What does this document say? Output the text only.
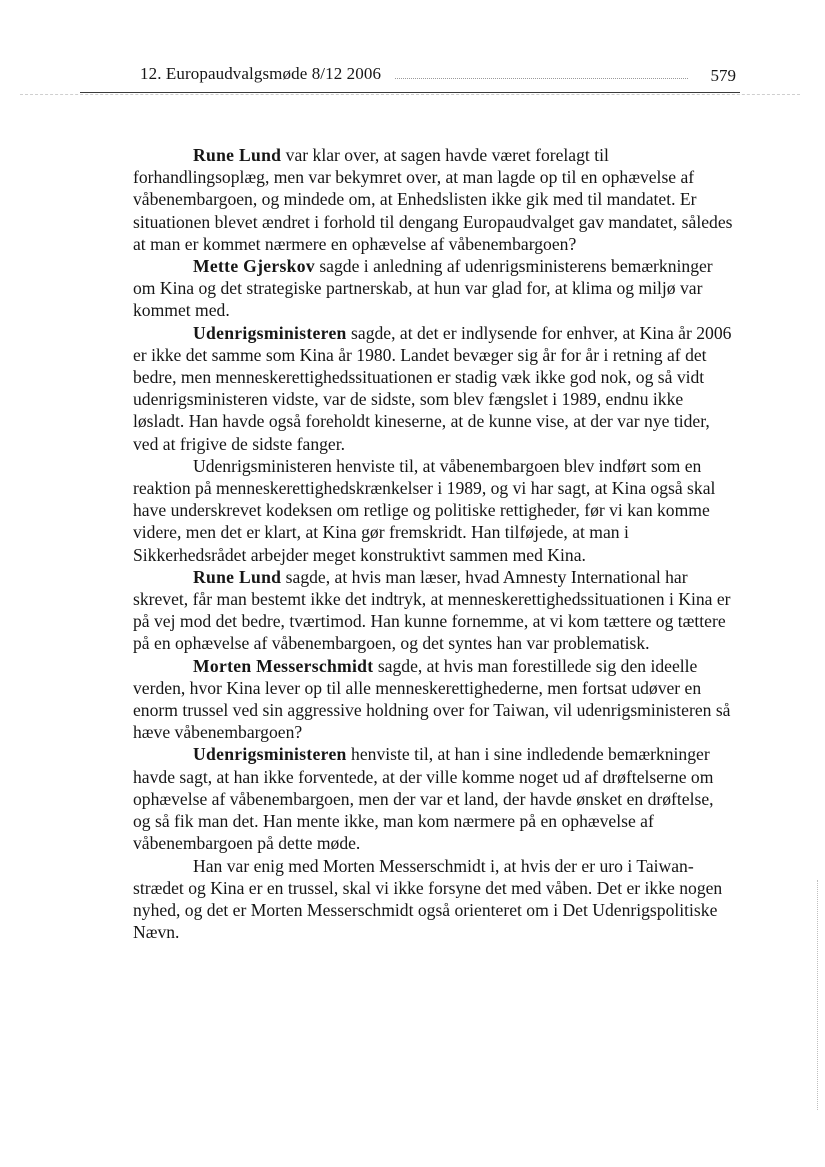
12. Europaudvalgsmøde 8/12 2006	579

Rune Lund var klar over, at sagen havde været forelagt til forhandlingsoplæg, men var bekymret over, at man lagde op til en ophævelse af våbenembargoen, og mindede om, at Enhedslisten ikke gik med til mandatet. Er situationen blevet ændret i forhold til dengang Europaudvalget gav mandatet, således at man er kommet nærmere en ophævelse af våbenembargoen?

Mette Gjerskov sagde i anledning af udenrigsministerens bemærkninger om Kina og det strategiske partnerskab, at hun var glad for, at klima og miljø var kommet med.

Udenrigsministeren sagde, at det er indlysende for enhver, at Kina år 2006 er ikke det samme som Kina år 1980. Landet bevæger sig år for år i retning af det bedre, men menneskerettighedssituationen er stadig væk ikke god nok, og så vidt udenrigsministeren vidste, var de sidste, som blev fængslet i 1989, endnu ikke løsladt. Han havde også foreholdt kineserne, at de kunne vise, at der var nye tider, ved at frigive de sidste fanger.

Udenrigsministeren henviste til, at våbenembargoen blev indført som en reaktion på menneskerettighedskrænkelser i 1989, og vi har sagt, at Kina også skal have underskrevet kodeksen om retlige og politiske rettigheder, før vi kan komme videre, men det er klart, at Kina gør fremskridt. Han tilføjede, at man i Sikkerhedsrådet arbejder meget konstruktivt sammen med Kina.

Rune Lund sagde, at hvis man læser, hvad Amnesty International har skrevet, får man bestemt ikke det indtryk, at menneskerettighedssituationen i Kina er på vej mod det bedre, tværtimod. Han kunne fornemme, at vi kom tættere og tættere på en ophævelse af våbenembargoen, og det syntes han var problematisk.

Morten Messerschmidt sagde, at hvis man forestillede sig den ideelle verden, hvor Kina lever op til alle menneskerettighederne, men fortsat udøver en enorm trussel ved sin aggressive holdning over for Taiwan, vil udenrigsministeren så hæve våbenembargoen?

Udenrigsministeren henviste til, at han i sine indledende bemærkninger havde sagt, at han ikke forventede, at der ville komme noget ud af drøftelserne om ophævelse af våbenembargoen, men der var et land, der havde ønsket en drøftelse, og så fik man det. Han mente ikke, man kom nærmere på en ophævelse af våbenembargoen på dette møde.

Han var enig med Morten Messerschmidt i, at hvis der er uro i Taiwan-strædet og Kina er en trussel, skal vi ikke forsyne det med våben. Det er ikke nogen nyhed, og det er Morten Messerschmidt også orienteret om i Det Udenrigspolitiske Nævn.
